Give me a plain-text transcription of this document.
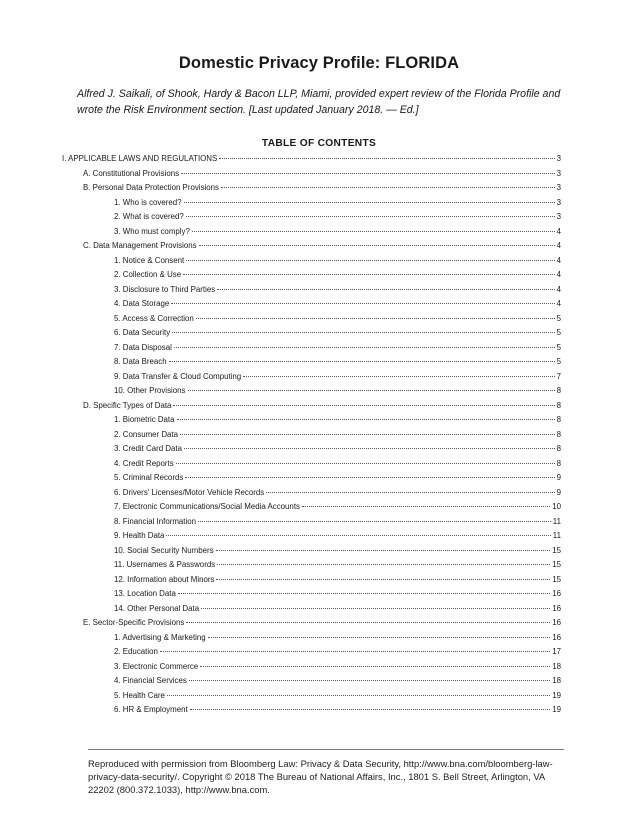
Domestic Privacy Profile: FLORIDA
Alfred J. Saikali, of Shook, Hardy & Bacon LLP, Miami, provided expert review of the Florida Profile and wrote the Risk Environment section. [Last updated January 2018. — Ed.]
TABLE OF CONTENTS
I. APPLICABLE LAWS AND REGULATIONS	3
A. Constitutional Provisions	3
B. Personal Data Protection Provisions	3
1. Who is covered?	3
2. What is covered?	3
3. Who must comply?	4
C. Data Management Provisions	4
1. Notice & Consent	4
2. Collection & Use	4
3. Disclosure to Third Parties	4
4. Data Storage	4
5. Access & Correction	5
6. Data Security	5
7. Data Disposal	5
8. Data Breach	5
9. Data Transfer & Cloud Computing	7
10. Other Provisions	8
D. Specific Types of Data	8
1. Biometric Data	8
2. Consumer Data	8
3. Credit Card Data	8
4. Credit Reports	8
5. Criminal Records	9
6. Drivers' Licenses/Motor Vehicle Records	9
7. Electronic Communications/Social Media Accounts	10
8. Financial Information	11
9. Health Data	11
10. Social Security Numbers	15
11. Usernames & Passwords	15
12. Information about Minors	15
13. Location Data	16
14. Other Personal Data	16
E. Sector-Specific Provisions	16
1. Advertising & Marketing	16
2. Education	17
3. Electronic Commerce	18
4. Financial Services	18
5. Health Care	19
6. HR & Employment	19
Reproduced with permission from Bloomberg Law: Privacy & Data Security, http://www.bna.com/bloomberg-law-privacy-data-security/. Copyright © 2018 The Bureau of National Affairs, Inc., 1801 S. Bell Street, Arlington, VA 22202 (800.372.1033), http://www.bna.com.
